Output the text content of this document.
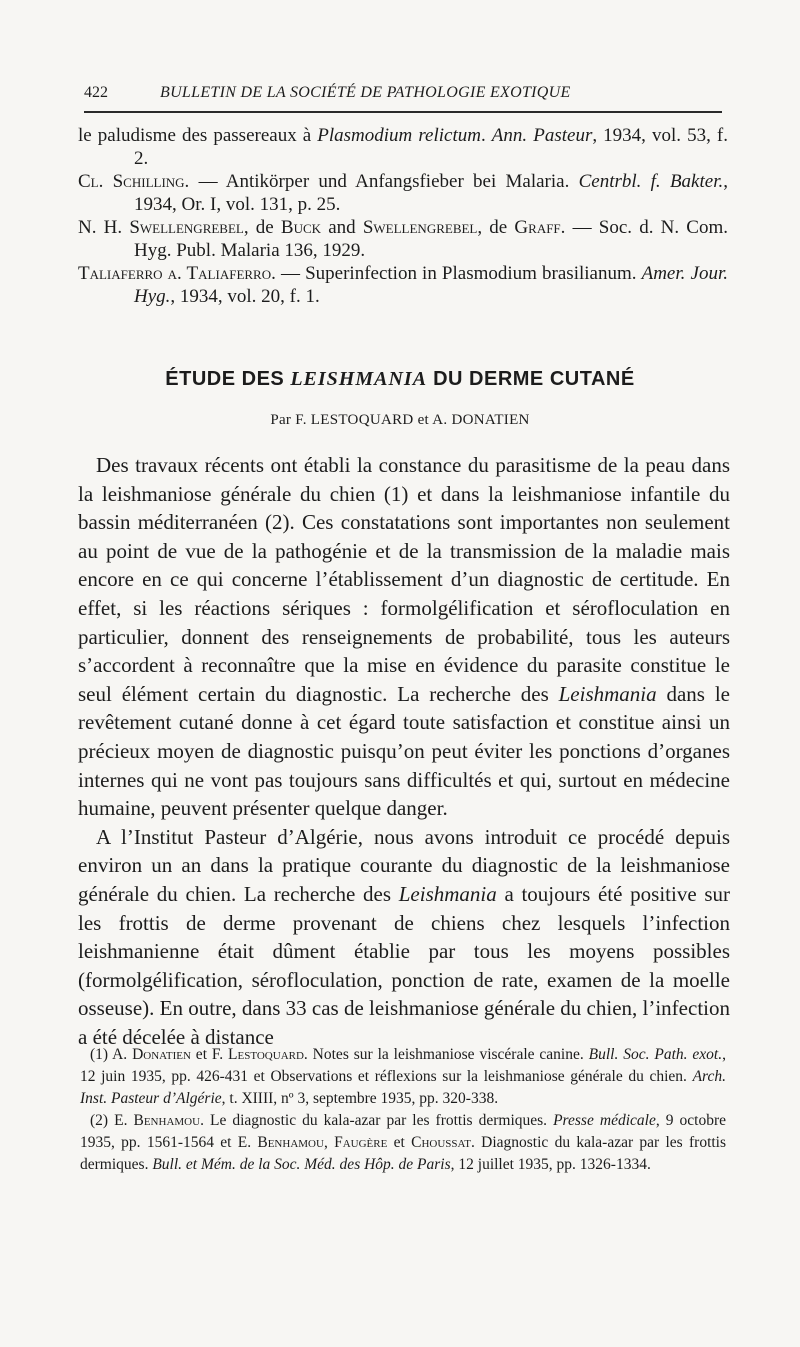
422	BULLETIN DE LA SOCIÉTÉ DE PATHOLOGIE EXOTIQUE

le paludisme des passereaux à Plasmodium relictum. Ann. Pasteur, 1934, vol. 53, f. 2.

Cl. Schilling. — Antikörper und Anfangsfieber bei Malaria. Centrbl. f. Bakter., 1934, Or. I, vol. 131, p. 25.

N. H. Swellengrebel, de Buck and Swellengrebel, de Graff. — Soc. d. N. Com. Hyg. Publ. Malaria 136, 1929.

Taliaferro a. Taliaferro. — Superinfection in Plasmodium brasilianum. Amer. Jour. Hyg., 1934, vol. 20, f. 1.

ÉTUDE DES LEISHMANIA DU DERME CUTANÉ
Par F. LESTOQUARD et A. DONATIEN

Des travaux récents ont établi la constance du parasitisme de la peau dans la leishmaniose générale du chien (1) et dans la leishmaniose infantile du bassin méditerranéen (2). Ces constatations sont importantes non seulement au point de vue de la pathogénie et de la transmission de la maladie mais encore en ce qui concerne l’établissement d’un diagnostic de certitude. En effet, si les réactions sériques : formolgélification et sérofloculation en particulier, donnent des renseignements de probabilité, tous les auteurs s’accordent à reconnaître que la mise en évidence du parasite constitue le seul élément certain du diagnostic. La recherche des Leishmania dans le revêtement cutané donne à cet égard toute satisfaction et constitue ainsi un précieux moyen de diagnostic puisqu’on peut éviter les ponctions d’organes internes qui ne vont pas toujours sans difficultés et qui, surtout en médecine humaine, peuvent présenter quelque danger.

A l’Institut Pasteur d’Algérie, nous avons introduit ce procédé depuis environ un an dans la pratique courante du diagnostic de la leishmaniose générale du chien. La recherche des Leishmania a toujours été positive sur les frottis de derme provenant de chiens chez lesquels l’infection leishmanienne était dûment établie par tous les moyens possibles (formolgélification, sérofloculation, ponction de rate, examen de la moelle osseuse). En outre, dans 33 cas de leishmaniose générale du chien, l’infection a été décelée à distance

(1) A. Donatien et F. Lestoquard. Notes sur la leishmaniose viscérale canine. Bull. Soc. Path. exot., 12 juin 1935, pp. 426-431 et Observations et réflexions sur la leishmaniose générale du chien. Arch. Inst. Pasteur d’Algérie, t. XIIII, nº 3, septembre 1935, pp. 320-338.

(2) E. Benhamou. Le diagnostic du kala-azar par les frottis dermiques. Presse médicale, 9 octobre 1935, pp. 1561-1564 et E. Benhamou, Faugère et Choussat. Diagnostic du kala-azar par les frottis dermiques. Bull. et Mém. de la Soc. Méd. des Hôp. de Paris, 12 juillet 1935, pp. 1326-1334.
